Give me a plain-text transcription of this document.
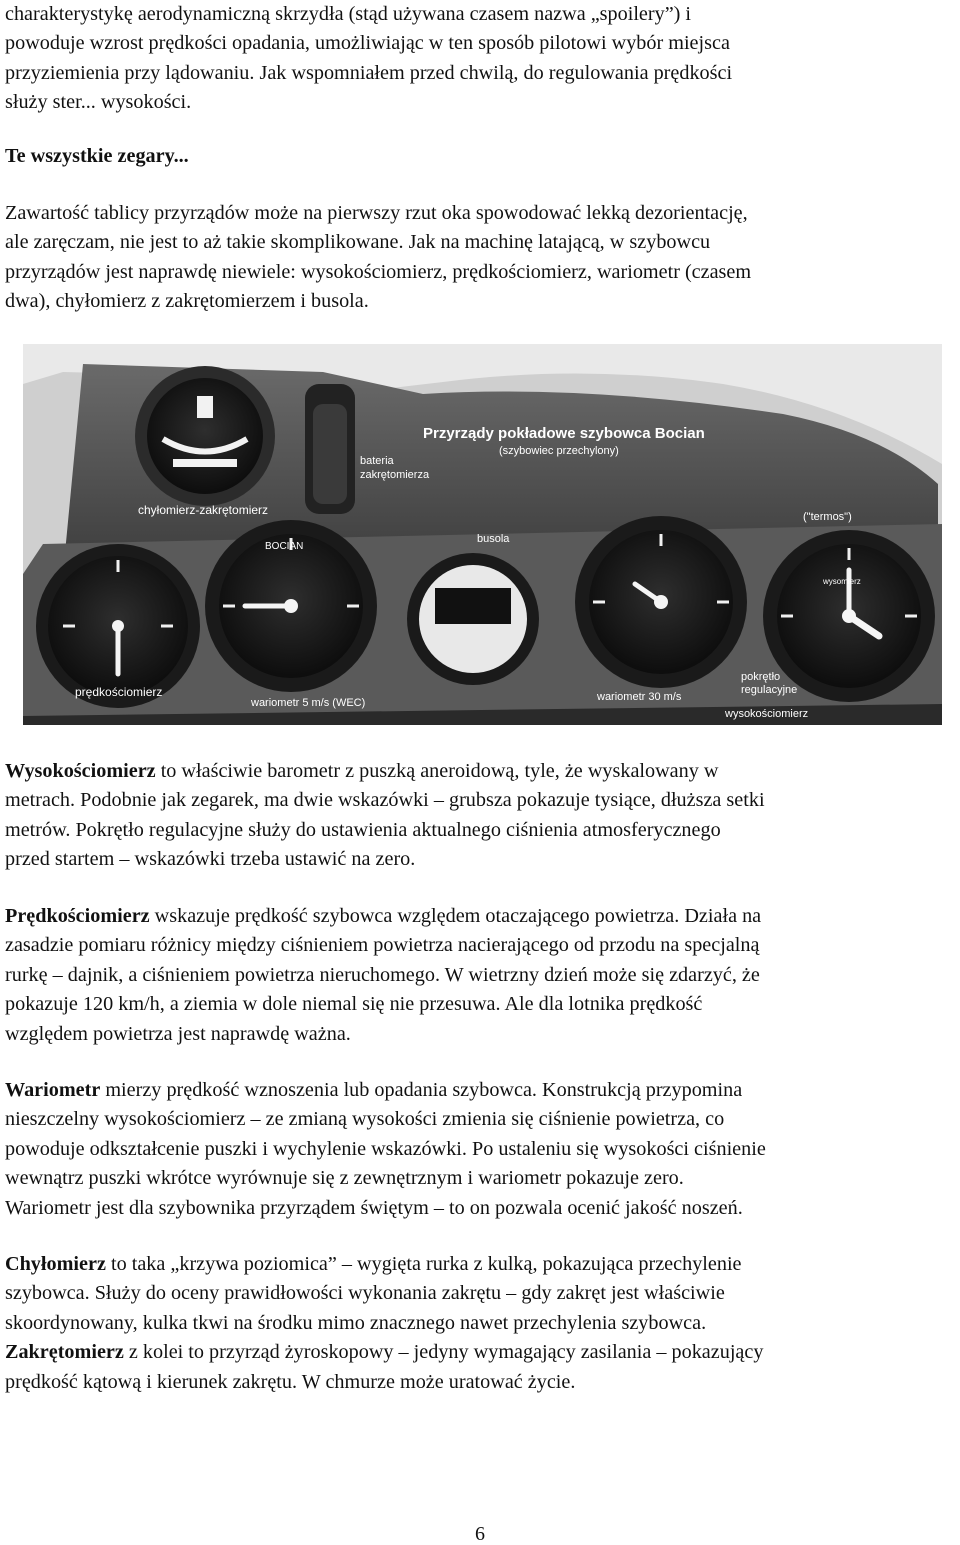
charakterystykę aerodynamiczną skrzydła (stąd używana czasem nazwa „spoilery”) i
powoduje wzrost prędkości opadania, umożliwiając w ten sposób pilotowi wybór miejsca
przyziemienia przy lądowaniu. Jak wspomniałem przed chwilą, do regulowania prędkości
służy ster... wysokości.
Te wszystkie zegary...
Zawartość tablicy przyrządów może na pierwszy rzut oka spowodować lekką dezorientację,
ale zaręczam, nie jest to aż takie skomplikowane. Jak na machinę latającą, w szybowcu
przyrządów jest naprawdę niewiele: wysokościomierz, prędkościomierz, wariometr (czasem
dwa), chyłomierz z zakrętomierzem i busola.
Przyrządy pokładowe szybowca Bocian
(szybowiec przechylony)
chyłomierz-zakrętomierz
bateria
zakrętomierza
("termos")
busola
prędkościomierz
wariometr 5 m/s (WEC)	wariometr 30 m/s
pokrętło
regulacyjne
wysokościomierz
BOCIAN
wysomierz
Wysokościomierz to właściwie barometr z puszką aneroidową, tyle, że wyskalowany w
metrach. Podobnie jak zegarek, ma dwie wskazówki – grubsza pokazuje tysiące, dłuższa setki
metrów. Pokrętło regulacyjne służy do ustawienia aktualnego ciśnienia atmosferycznego
przed startem – wskazówki trzeba ustawić na zero.
Prędkościomierz wskazuje prędkość szybowca względem otaczającego powietrza. Działa na
zasadzie pomiaru różnicy między ciśnieniem powietrza nacierającego od przodu na specjalną
rurkę – dajnik, a ciśnieniem powietrza nieruchomego. W wietrzny dzień może się zdarzyć, że
pokazuje 120 km/h, a ziemia w dole niemal się nie przesuwa. Ale dla lotnika prędkość
względem powietrza jest naprawdę ważna.
Wariometr mierzy prędkość wznoszenia lub opadania szybowca. Konstrukcją przypomina
nieszczelny wysokościomierz – ze zmianą wysokości zmienia się ciśnienie powietrza, co
powoduje odkształcenie puszki i wychylenie wskazówki. Po ustaleniu się wysokości ciśnienie
wewnątrz puszki wkrótce wyrównuje się z zewnętrznym i wariometr pokazuje zero.
Wariometr jest dla szybownika przyrządem świętym – to on pozwala ocenić jakość noszeń.
Chyłomierz to taka „krzywa poziomica” – wygięta rurka z kulką, pokazująca przechylenie
szybowca. Służy do oceny prawidłowości wykonania zakrętu – gdy zakręt jest właściwie
skoordynowany, kulka tkwi na środku mimo znacznego nawet przechylenia szybowca.
Zakrętomierz z kolei to przyrząd żyroskopowy – jedyny wymagający zasilania – pokazujący
prędkość kątową i kierunek zakrętu. W chmurze może uratować życie.
6
